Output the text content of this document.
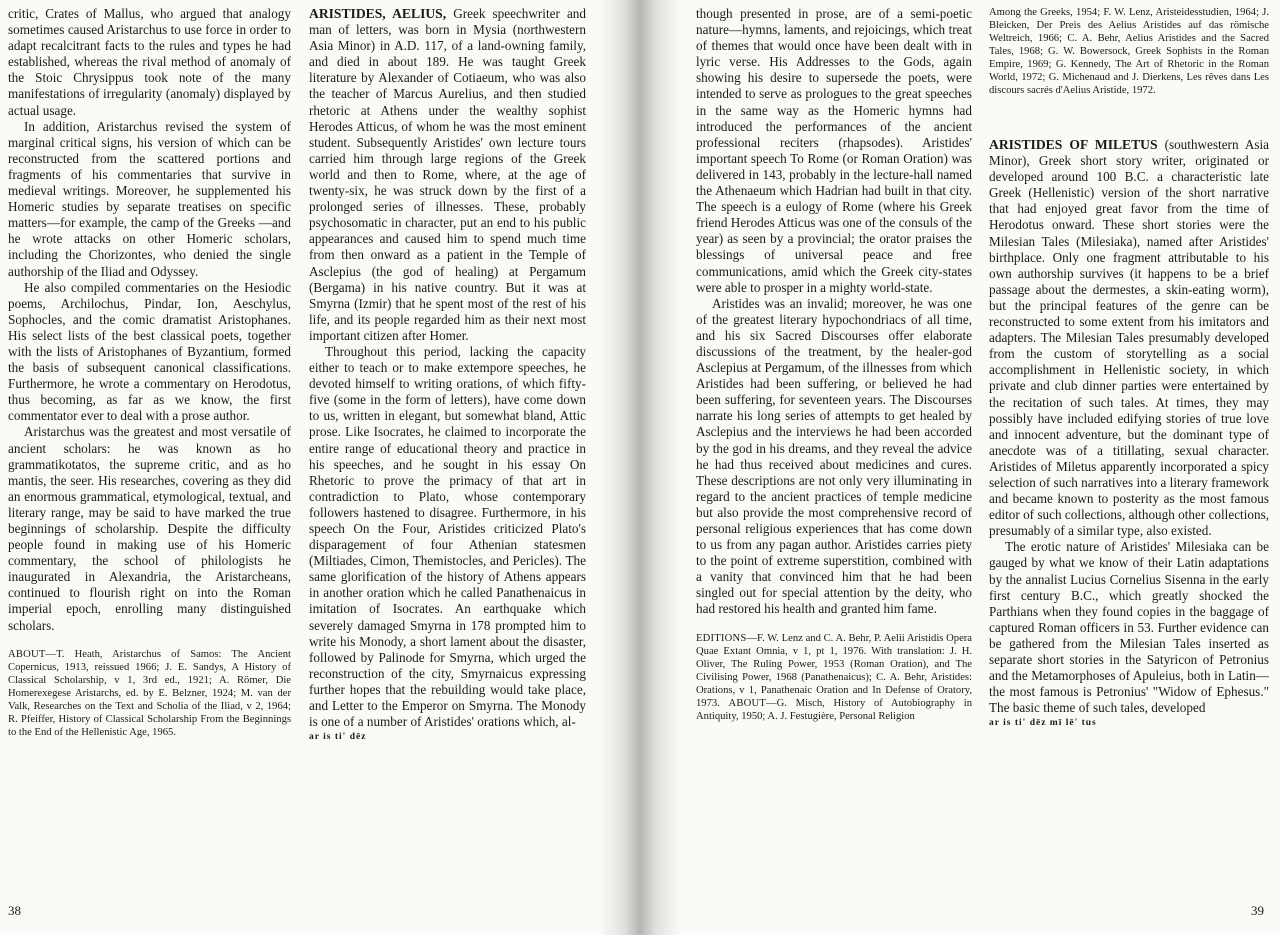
critic, Crates of Mallus, who argued that analogy sometimes caused Aristarchus to use force in order to adapt recalcitrant facts to the rules and types he had established, whereas the rival method of anomaly of the Stoic Chrysippus took note of the many manifestations of irregularity (anomaly) displayed by actual usage.

In addition, Aristarchus revised the system of marginal critical signs, his version of which can be reconstructed from the scattered portions and fragments of his commentaries that survive in medieval writings. Moreover, he supplemented his Homeric studies by separate treatises on specific matters—for example, the camp of the Greeks —and he wrote attacks on other Homeric scholars, including the Chorizontes, who denied the single authorship of the Iliad and Odyssey.

He also compiled commentaries on the Hesiodic poems, Archilochus, Pindar, Ion, Aeschylus, Sophocles, and the comic dramatist Aristophanes. His select lists of the best classical poets, together with the lists of Aristophanes of Byzantium, formed the basis of subsequent canonical classifications. Furthermore, he wrote a commentary on Herodotus, thus becoming, as far as we know, the first commentator ever to deal with a prose author.

Aristarchus was the greatest and most versatile of ancient scholars: he was known as ho grammatikotatos, the supreme critic, and as ho mantis, the seer. His researches, covering as they did an enormous grammatical, etymological, textual, and literary range, may be said to have marked the true beginnings of scholarship. Despite the difficulty people found in making use of his Homeric commentary, the school of philologists he inaugurated in Alexandria, the Aristarcheans, continued to flourish right on into the Roman imperial epoch, enrolling many distinguished scholars.

ABOUT—T. Heath, Aristarchus of Samos: The Ancient Copernicus, 1913, reissued 1966; J. E. Sandys, A History of Classical Scholarship, v 1, 3rd ed., 1921; A. Römer, Die Homerexegese Aristarchs, ed. by E. Belzner, 1924; M. van der Valk, Researches on the Text and Scholia of the Iliad, v 2, 1964; R. Pfeiffer, History of Classical Scholarship From the Beginnings to the End of the Hellenistic Age, 1965.

ARISTIDES, AELIUS, Greek speechwriter and man of letters, was born in Mysia (northwestern Asia Minor) in A.D. 117, of a land-owning family, and died in about 189. He was taught Greek literature by Alexander of Cotiaeum, who was also the teacher of Marcus Aurelius, and then studied rhetoric at Athens under the wealthy sophist Herodes Atticus, of whom he was the most eminent student. Subsequently Aristides' own lecture tours carried him through large regions of the Greek world and then to Rome, where, at the age of twenty-six, he was struck down by the first of a prolonged series of illnesses. These, probably psychosomatic in character, put an end to his public appearances and caused him to spend much time from then onward as a patient in the Temple of Asclepius (the god of healing) at Pergamum (Bergama) in his native country. But it was at Smyrna (Izmir) that he spent most of the rest of his life, and its people regarded him as their next most important citizen after Homer.

Throughout this period, lacking the capacity either to teach or to make extempore speeches, he devoted himself to writing orations, of which fifty-five (some in the form of letters), have come down to us, written in elegant, but somewhat bland, Attic prose. Like Isocrates, he claimed to incorporate the entire range of educational theory and practice in his speeches, and he sought in his essay On Rhetoric to prove the primacy of that art in contradiction to Plato, whose contemporary followers hastened to disagree. Furthermore, in his speech On the Four, Aristides criticized Plato's disparagement of four Athenian statesmen (Miltiades, Cimon, Themistocles, and Pericles). The same glorification of the history of Athens appears in another oration which he called Panathenaicus in imitation of Isocrates. An earthquake which severely damaged Smyrna in 178 prompted him to write his Monody, a short lament about the disaster, followed by Palinode for Smyrna, which urged the reconstruction of the city, Smyrnaicus expressing further hopes that the rebuilding would take place, and Letter to the Emperor on Smyrna. The Monody is one of a number of Aristides' orations which, al-

ar is ti' dēz
38

though presented in prose, are of a semi-poetic nature—hymns, laments, and rejoicings, which treat of themes that would once have been dealt with in lyric verse. His Addresses to the Gods, again showing his desire to supersede the poets, were intended to serve as prologues to the great speeches in the same way as the Homeric hymns had introduced the performances of the ancient professional reciters (rhapsodes). Aristides' important speech To Rome (or Roman Oration) was delivered in 143, probably in the lecture-hall named the Athenaeum which Hadrian had built in that city. The speech is a eulogy of Rome (where his Greek friend Herodes Atticus was one of the consuls of the year) as seen by a provincial; the orator praises the blessings of universal peace and free communications, amid which the Greek city-states were able to prosper in a mighty world-state.

Aristides was an invalid; moreover, he was one of the greatest literary hypochondriacs of all time, and his six Sacred Discourses offer elaborate discussions of the treatment, by the healer-god Asclepius at Pergamum, of the illnesses from which Aristides had been suffering, or believed he had been suffering, for seventeen years. The Discourses narrate his long series of attempts to get healed by Asclepius and the interviews he had been accorded by the god in his dreams, and they reveal the advice he had thus received about medicines and cures. These descriptions are not only very illuminating in regard to the ancient practices of temple medicine but also provide the most comprehensive record of personal religious experiences that has come down to us from any pagan author. Aristides carries piety to the point of extreme superstition, combined with a vanity that convinced him that he had been singled out for special attention by the deity, who had restored his health and granted him fame.

EDITIONS—F. W. Lenz and C. A. Behr, P. Aelii Aristidis Opera Quae Extant Omnia, v 1, pt 1, 1976. With translation: J. H. Oliver, The Ruling Power, 1953 (Roman Oration), and The Civilising Power, 1968 (Panathenaicus); C. A. Behr, Aristides: Orations, v 1, Panathenaic Oration and In Defense of Oratory, 1973. ABOUT—G. Misch, History of Autobiography in Antiquity, 1950; A. J. Festugière, Personal Religion

Among the Greeks, 1954; F. W. Lenz, Aristeidesstudien, 1964; J. Bleicken, Der Preis des Aelius Aristides auf das römische Weltreich, 1966; C. A. Behr, Aelius Aristides and the Sacred Tales, 1968; G. W. Bowersock, Greek Sophists in the Roman Empire, 1969; G. Kennedy, The Art of Rhetoric in the Roman World, 1972; G. Michenaud and J. Dierkens, Les rêves dans Les discours sacrés d'Aelius Aristide, 1972.

ARISTIDES OF MILETUS (southwestern Asia Minor), Greek short story writer, originated or developed around 100 B.C. a characteristic late Greek (Hellenistic) version of the short narrative that had enjoyed great favor from the time of Herodotus onward. These short stories were the Milesian Tales (Milesiaka), named after Aristides' birthplace. Only one fragment attributable to his own authorship survives (it happens to be a brief passage about the dermestes, a skin-eating worm), but the principal features of the genre can be reconstructed to some extent from his imitators and adapters. The Milesian Tales presumably developed from the custom of storytelling as a social accomplishment in Hellenistic society, in which private and club dinner parties were entertained by the recitation of such tales. At times, they may possibly have included edifying stories of true love and innocent adventure, but the dominant type of anecdote was of a titillating, sexual character. Aristides of Miletus apparently incorporated a spicy selection of such narratives into a literary framework and became known to posterity as the most famous editor of such collections, although other collections, presumably of a similar type, also existed.

The erotic nature of Aristides' Milesiaka can be gauged by what we know of their Latin adaptations by the annalist Lucius Cornelius Sisenna in the early first century B.C., which greatly shocked the Parthians when they found copies in the baggage of captured Roman officers in 53. Further evidence can be gathered from the Milesian Tales inserted as separate short stories in the Satyricon of Petronius and the Metamorphoses of Apuleius, both in Latin—the most famous is Petronius' "Widow of Ephesus." The basic theme of such tales, developed

ar is ti' dēz mī lē' tus
39
